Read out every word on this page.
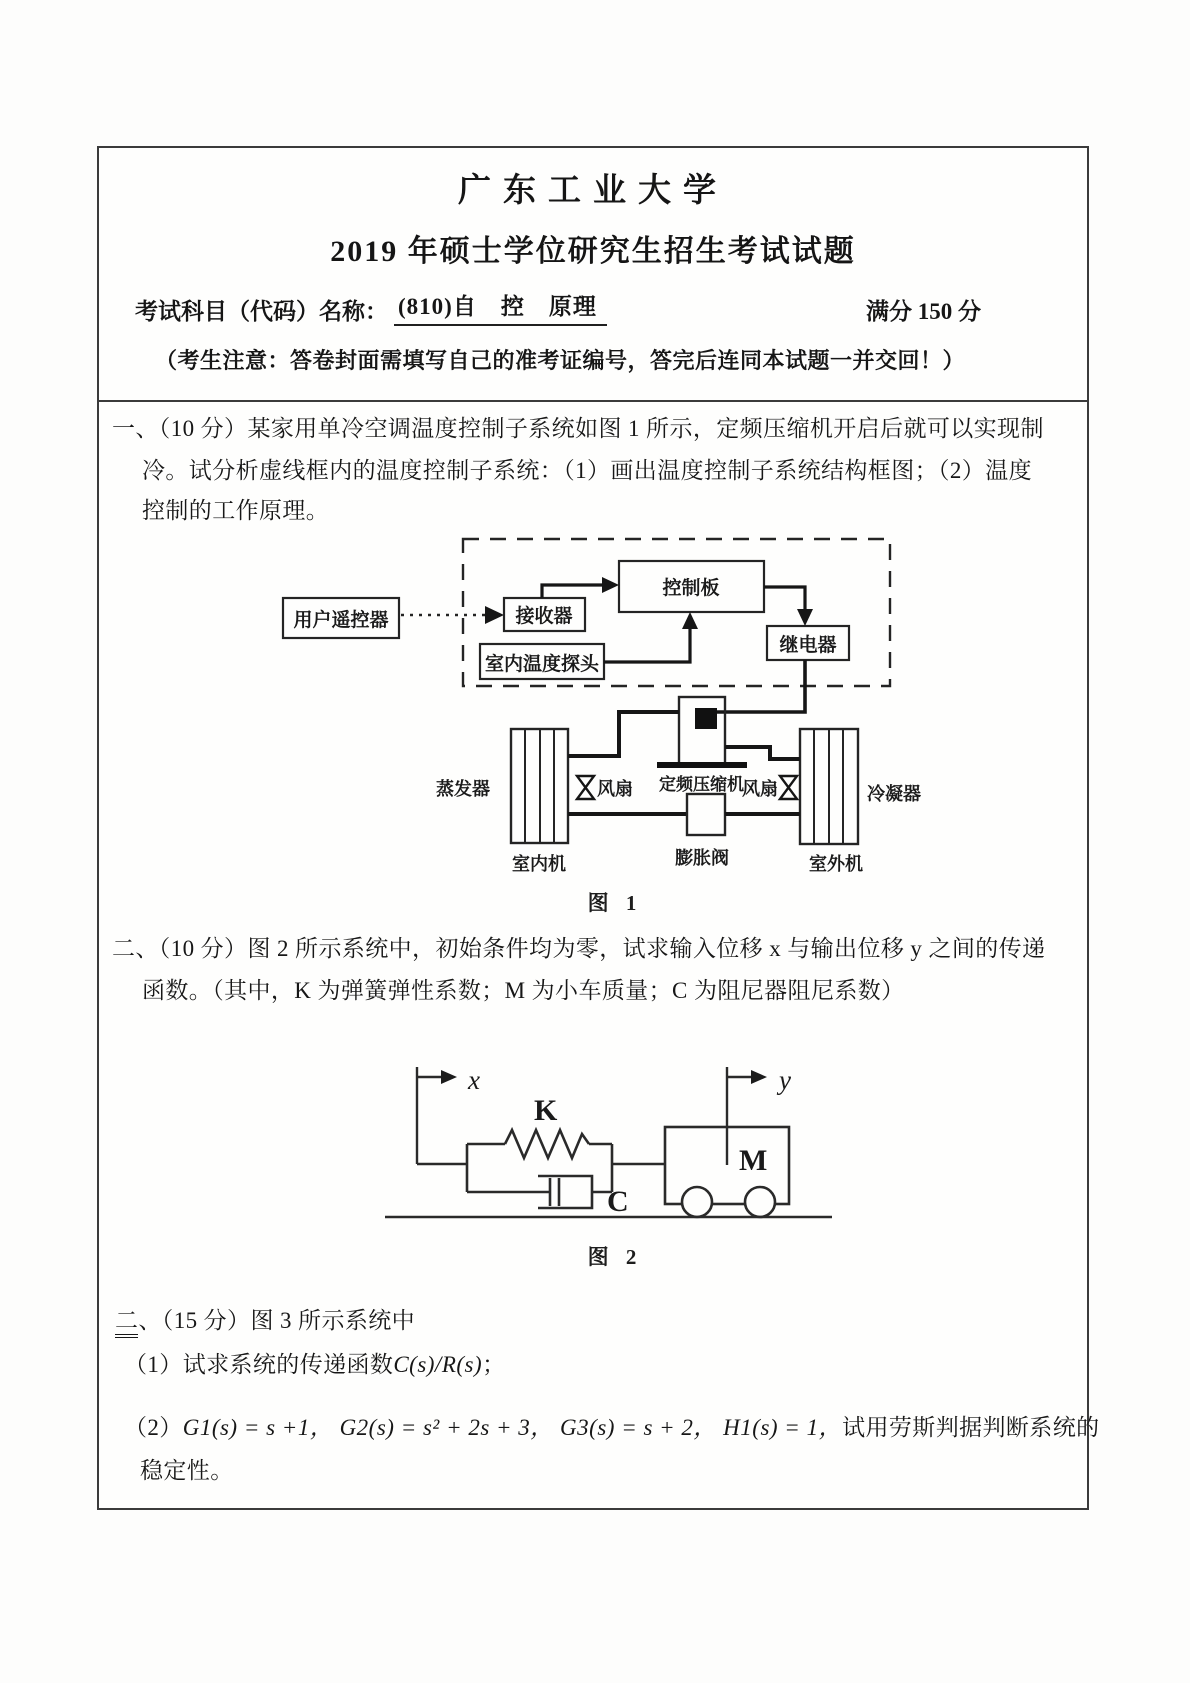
广东工业大学
2019 年硕士学位研究生招生考试试题
考试科目（代码）名称： (810)自　控　原理	满分 150 分
（考生注意：答卷封面需填写自己的准考证编号，答完后连同本试题一并交回！）
一、（10 分）某家用单冷空调温度控制子系统如图 1 所示，定频压缩机开启后就可以实现制
冷。试分析虚线框内的温度控制子系统：（1）画出温度控制子系统结构框图；（2）温度
控制的工作原理。
用户遥控器	接收器
控制板
继电器
室内温度探头
定频压缩机
蒸发器
室内机
冷凝器
室外机
膨胀阀
风扇	风扇
x
K
C
M
y
图 1
二、（10 分）图 2 所示系统中，初始条件均为零，试求输入位移 x 与输出位移 y 之间的传递
函数。（其中，K 为弹簧弹性系数；M 为小车质量；C 为阻尼器阻尼系数）
图 2
二、（15 分）图 3 所示系统中
（1）试求系统的传递函数C(s)/R(s)；
（2）G1(s) = s +1， G2(s) = s² + 2s + 3， G3(s) = s + 2， H1(s) = 1，试用劳斯判据判断系统的
稳定性。
